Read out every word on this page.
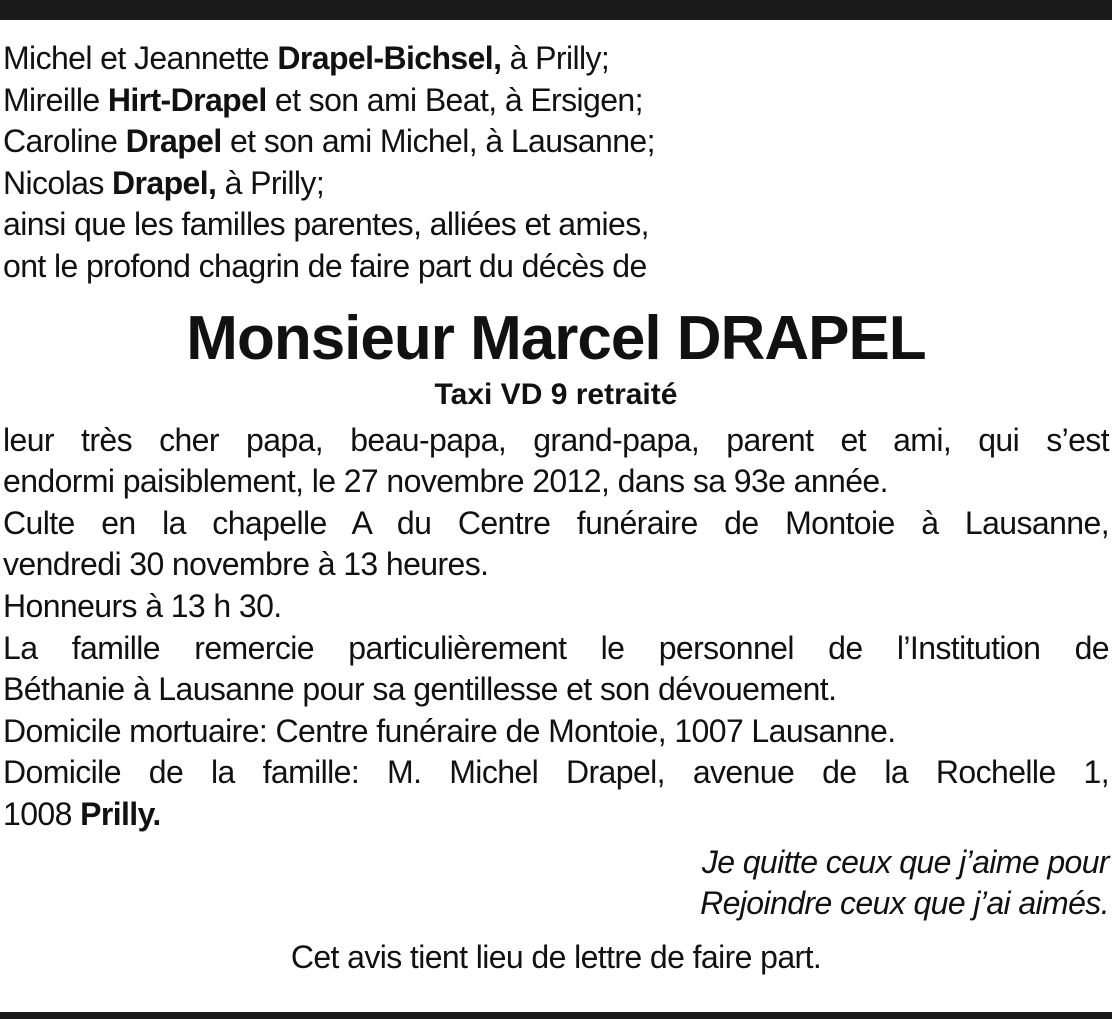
Michel et Jeannette Drapel-Bichsel, à Prilly;
Mireille Hirt-Drapel et son ami Beat, à Ersigen;
Caroline Drapel et son ami Michel, à Lausanne;
Nicolas Drapel, à Prilly;
ainsi que les familles parentes, alliées et amies,
ont le profond chagrin de faire part du décès de
Monsieur Marcel DRAPEL
Taxi VD 9 retraité
leur très cher papa, beau-papa, grand-papa, parent et ami, qui s’est
endormi paisiblement, le 27 novembre 2012, dans sa 93e année.
Culte en la chapelle A du Centre funéraire de Montoie à Lausanne,
vendredi 30 novembre à 13 heures.
Honneurs à 13 h 30.
La famille remercie particulièrement le personnel de l’Institution de
Béthanie à Lausanne pour sa gentillesse et son dévouement.
Domicile mortuaire: Centre funéraire de Montoie, 1007 Lausanne.
Domicile de la famille: M. Michel Drapel, avenue de la Rochelle 1,
1008 Prilly.
Je quitte ceux que j’aime pour
Rejoindre ceux que j’ai aimés.
Cet avis tient lieu de lettre de faire part.
